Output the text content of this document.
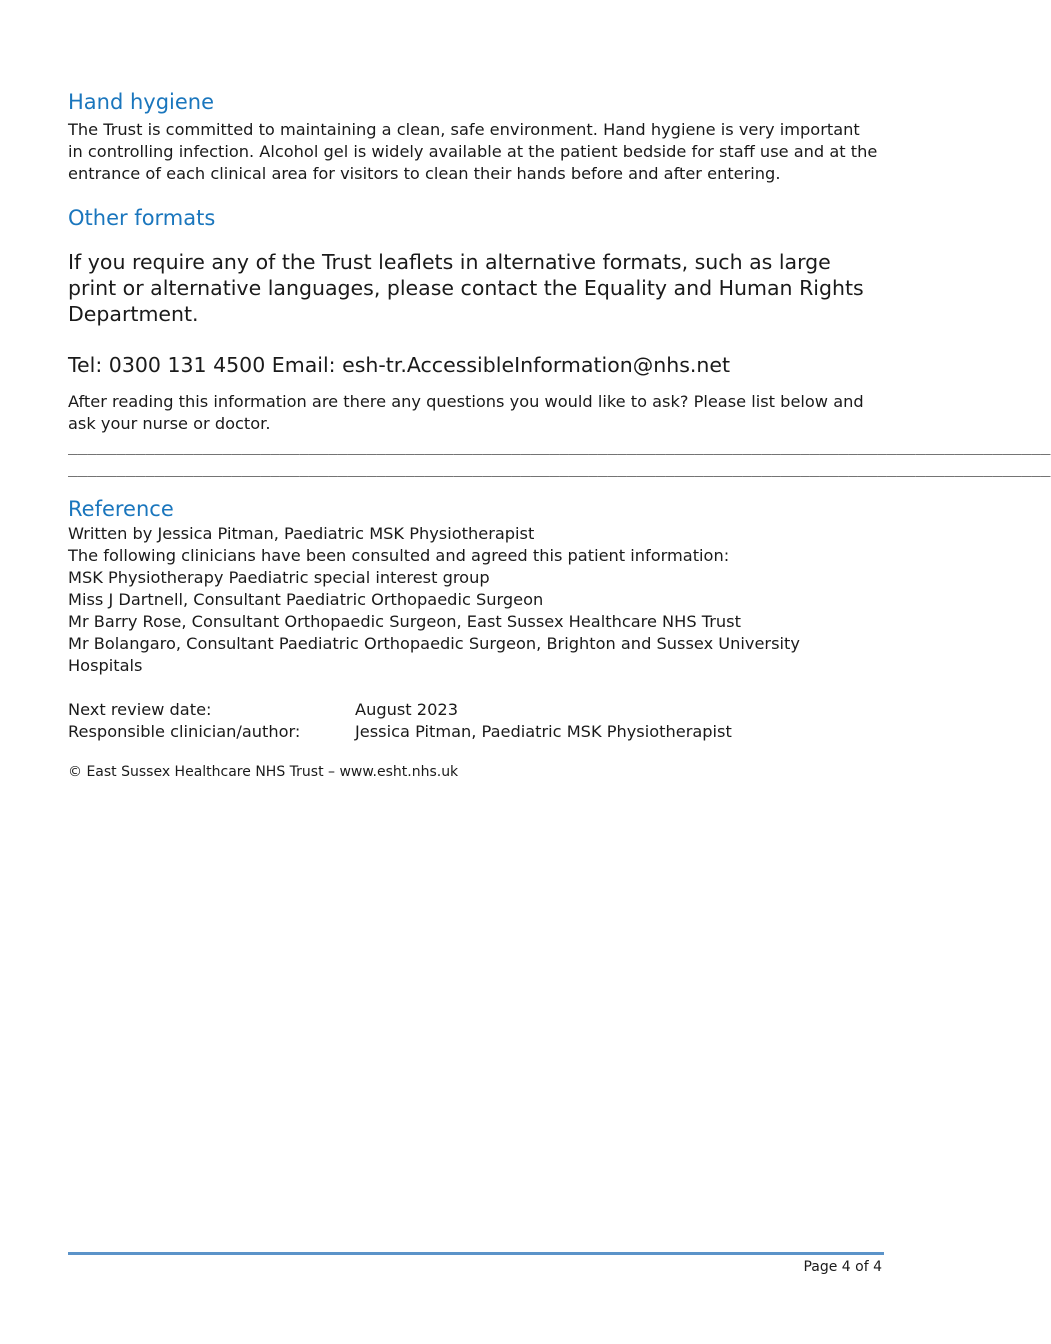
Hand hygiene

The Trust is committed to maintaining a clean, safe environment. Hand hygiene is very important in controlling infection. Alcohol gel is widely available at the patient bedside for staff use and at the entrance of each clinical area for visitors to clean their hands before and after entering.

Other formats

If you require any of the Trust leaflets in alternative formats, such as large print or alternative languages, please contact the Equality and Human Rights Department.

Tel: 0300 131 4500 Email: esh-tr.AccessibleInformation@nhs.net

After reading this information are there any questions you would like to ask? Please list below and ask your nurse or doctor.

______________________________________________________________________________________________________
______________________________________________________________________________________________________
Reference

Written by Jessica Pitman, Paediatric MSK Physiotherapist

The following clinicians have been consulted and agreed this patient information:

MSK Physiotherapy Paediatric special interest group

Miss J Dartnell, Consultant Paediatric Orthopaedic Surgeon

Mr Barry Rose, Consultant Orthopaedic Surgeon, East Sussex Healthcare NHS Trust

Mr Bolangaro, Consultant Paediatric Orthopaedic Surgeon, Brighton and Sussex University Hospitals

Next review date:	August 2023
Responsible clinician/author:	Jessica Pitman, Paediatric MSK Physiotherapist

© East Sussex Healthcare NHS Trust – www.esht.nhs.uk

Page 4 of 4
